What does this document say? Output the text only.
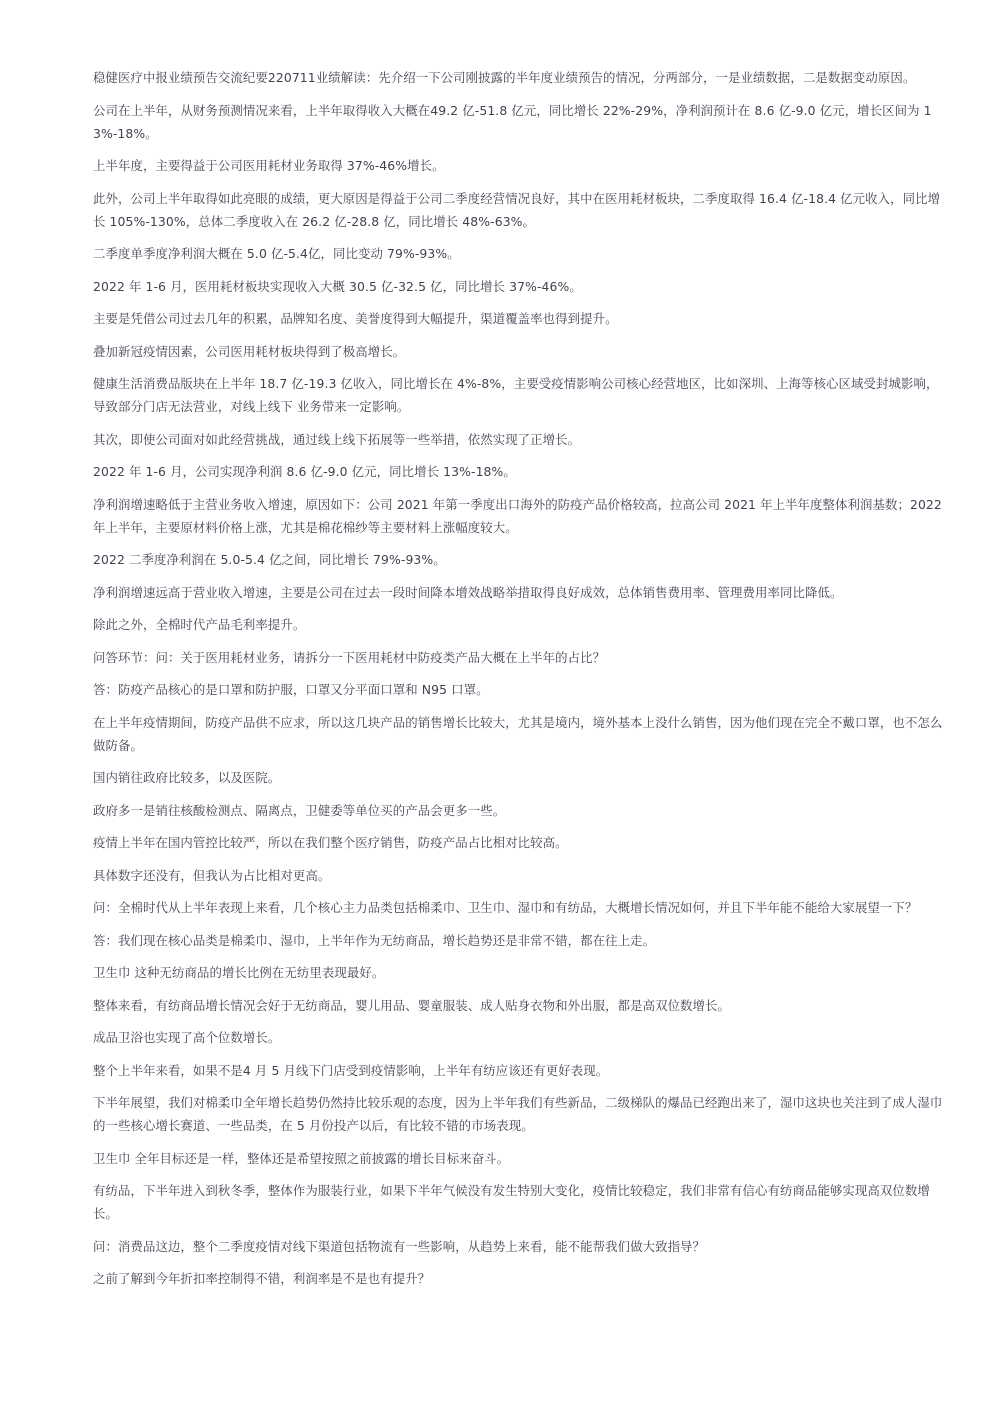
稳健医疗中报业绩预告交流纪要220711业绩解读：先介绍一下公司刚披露的半年度业绩预告的情况，分两部分，一是业绩数据，二是数据变动原因。

公司在上半年，从财务预测情况来看，上半年取得收入大概在49.2 亿-51.8 亿元，同比增长 22%-29%，净利润预计在 8.6 亿-9.0 亿元，增长区间为 13%-18%。

上半年度，主要得益于公司医用耗材业务取得 37%-46%增长。

此外，公司上半年取得如此亮眼的成绩，更大原因是得益于公司二季度经营情况良好，其中在医用耗材板块，二季度取得 16.4 亿-18.4 亿元收入，同比增长 105%-130%，总体二季度收入在 26.2 亿-28.8 亿，同比增长 48%-63%。

二季度单季度净利润大概在 5.0 亿-5.4亿，同比变动 79%-93%。

2022 年 1-6 月，医用耗材板块实现收入大概 30.5 亿-32.5 亿，同比增长 37%-46%。

主要是凭借公司过去几年的积累，品牌知名度、美誉度得到大幅提升，渠道覆盖率也得到提升。

叠加新冠疫情因素，公司医用耗材板块得到了极高增长。

健康生活消费品版块在上半年 18.7 亿-19.3 亿收入，同比增长在 4%-8%，主要受疫情影响公司核心经营地区，比如深圳、上海等核心区域受封城影响，导致部分门店无法营业，对线上线下 业务带来一定影响。

其次，即使公司面对如此经营挑战，通过线上线下拓展等一些举措，依然实现了正增长。

2022 年 1-6 月，公司实现净利润 8.6 亿-9.0 亿元，同比增长 13%-18%。

净利润增速略低于主营业务收入增速，原因如下：公司 2021 年第一季度出口海外的防疫产品价格较高，拉高公司 2021 年上半年度整体利润基数；2022 年上半年，主要原材料价格上涨，尤其是棉花棉纱等主要材料上涨幅度较大。

2022 二季度净利润在 5.0-5.4 亿之间，同比增长 79%-93%。

净利润增速远高于营业收入增速，主要是公司在过去一段时间降本增效战略举措取得良好成效，总体销售费用率、管理费用率同比降低。

除此之外，全棉时代产品毛利率提升。

问答环节：问：关于医用耗材业务，请拆分一下医用耗材中防疫类产品大概在上半年的占比？

答：防疫产品核心的是口罩和防护服，口罩又分平面口罩和 N95 口罩。

在上半年疫情期间，防疫产品供不应求，所以这几块产品的销售增长比较大，尤其是境内，境外基本上没什么销售，因为他们现在完全不戴口罩，也不怎么做防备。

国内销往政府比较多，以及医院。

政府多一是销往核酸检测点、隔离点，卫健委等单位买的产品会更多一些。

疫情上半年在国内管控比较严，所以在我们整个医疗销售，防疫产品占比相对比较高。

具体数字还没有，但我认为占比相对更高。

问：全棉时代从上半年表现上来看，几个核心主力品类包括棉柔巾、卫生巾、湿巾和有纺品，大概增长情况如何，并且下半年能不能给大家展望一下？

答：我们现在核心品类是棉柔巾、湿巾，上半年作为无纺商品，增长趋势还是非常不错，都在往上走。

卫生巾 这种无纺商品的增长比例在无纺里表现最好。

整体来看，有纺商品增长情况会好于无纺商品，婴儿用品、婴童服装、成人贴身衣物和外出服，都是高双位数增长。

成品卫浴也实现了高个位数增长。

整个上半年来看，如果不是4 月 5 月线下门店受到疫情影响，上半年有纺应该还有更好表现。

下半年展望，我们对棉柔巾全年增长趋势仍然持比较乐观的态度，因为上半年我们有些新品，二级梯队的爆品已经跑出来了，湿巾这块也关注到了成人湿巾的一些核心增长赛道、一些品类，在 5 月份投产以后，有比较不错的市场表现。

卫生巾 全年目标还是一样，整体还是希望按照之前披露的增长目标来奋斗。

有纺品，下半年进入到秋冬季，整体作为服装行业，如果下半年气候没有发生特别大变化，疫情比较稳定，我们非常有信心有纺商品能够实现高双位数增长。

问：消费品这边，整个二季度疫情对线下渠道包括物流有一些影响，从趋势上来看，能不能帮我们做大致指导？

之前了解到今年折扣率控制得不错，利润率是不是也有提升？
